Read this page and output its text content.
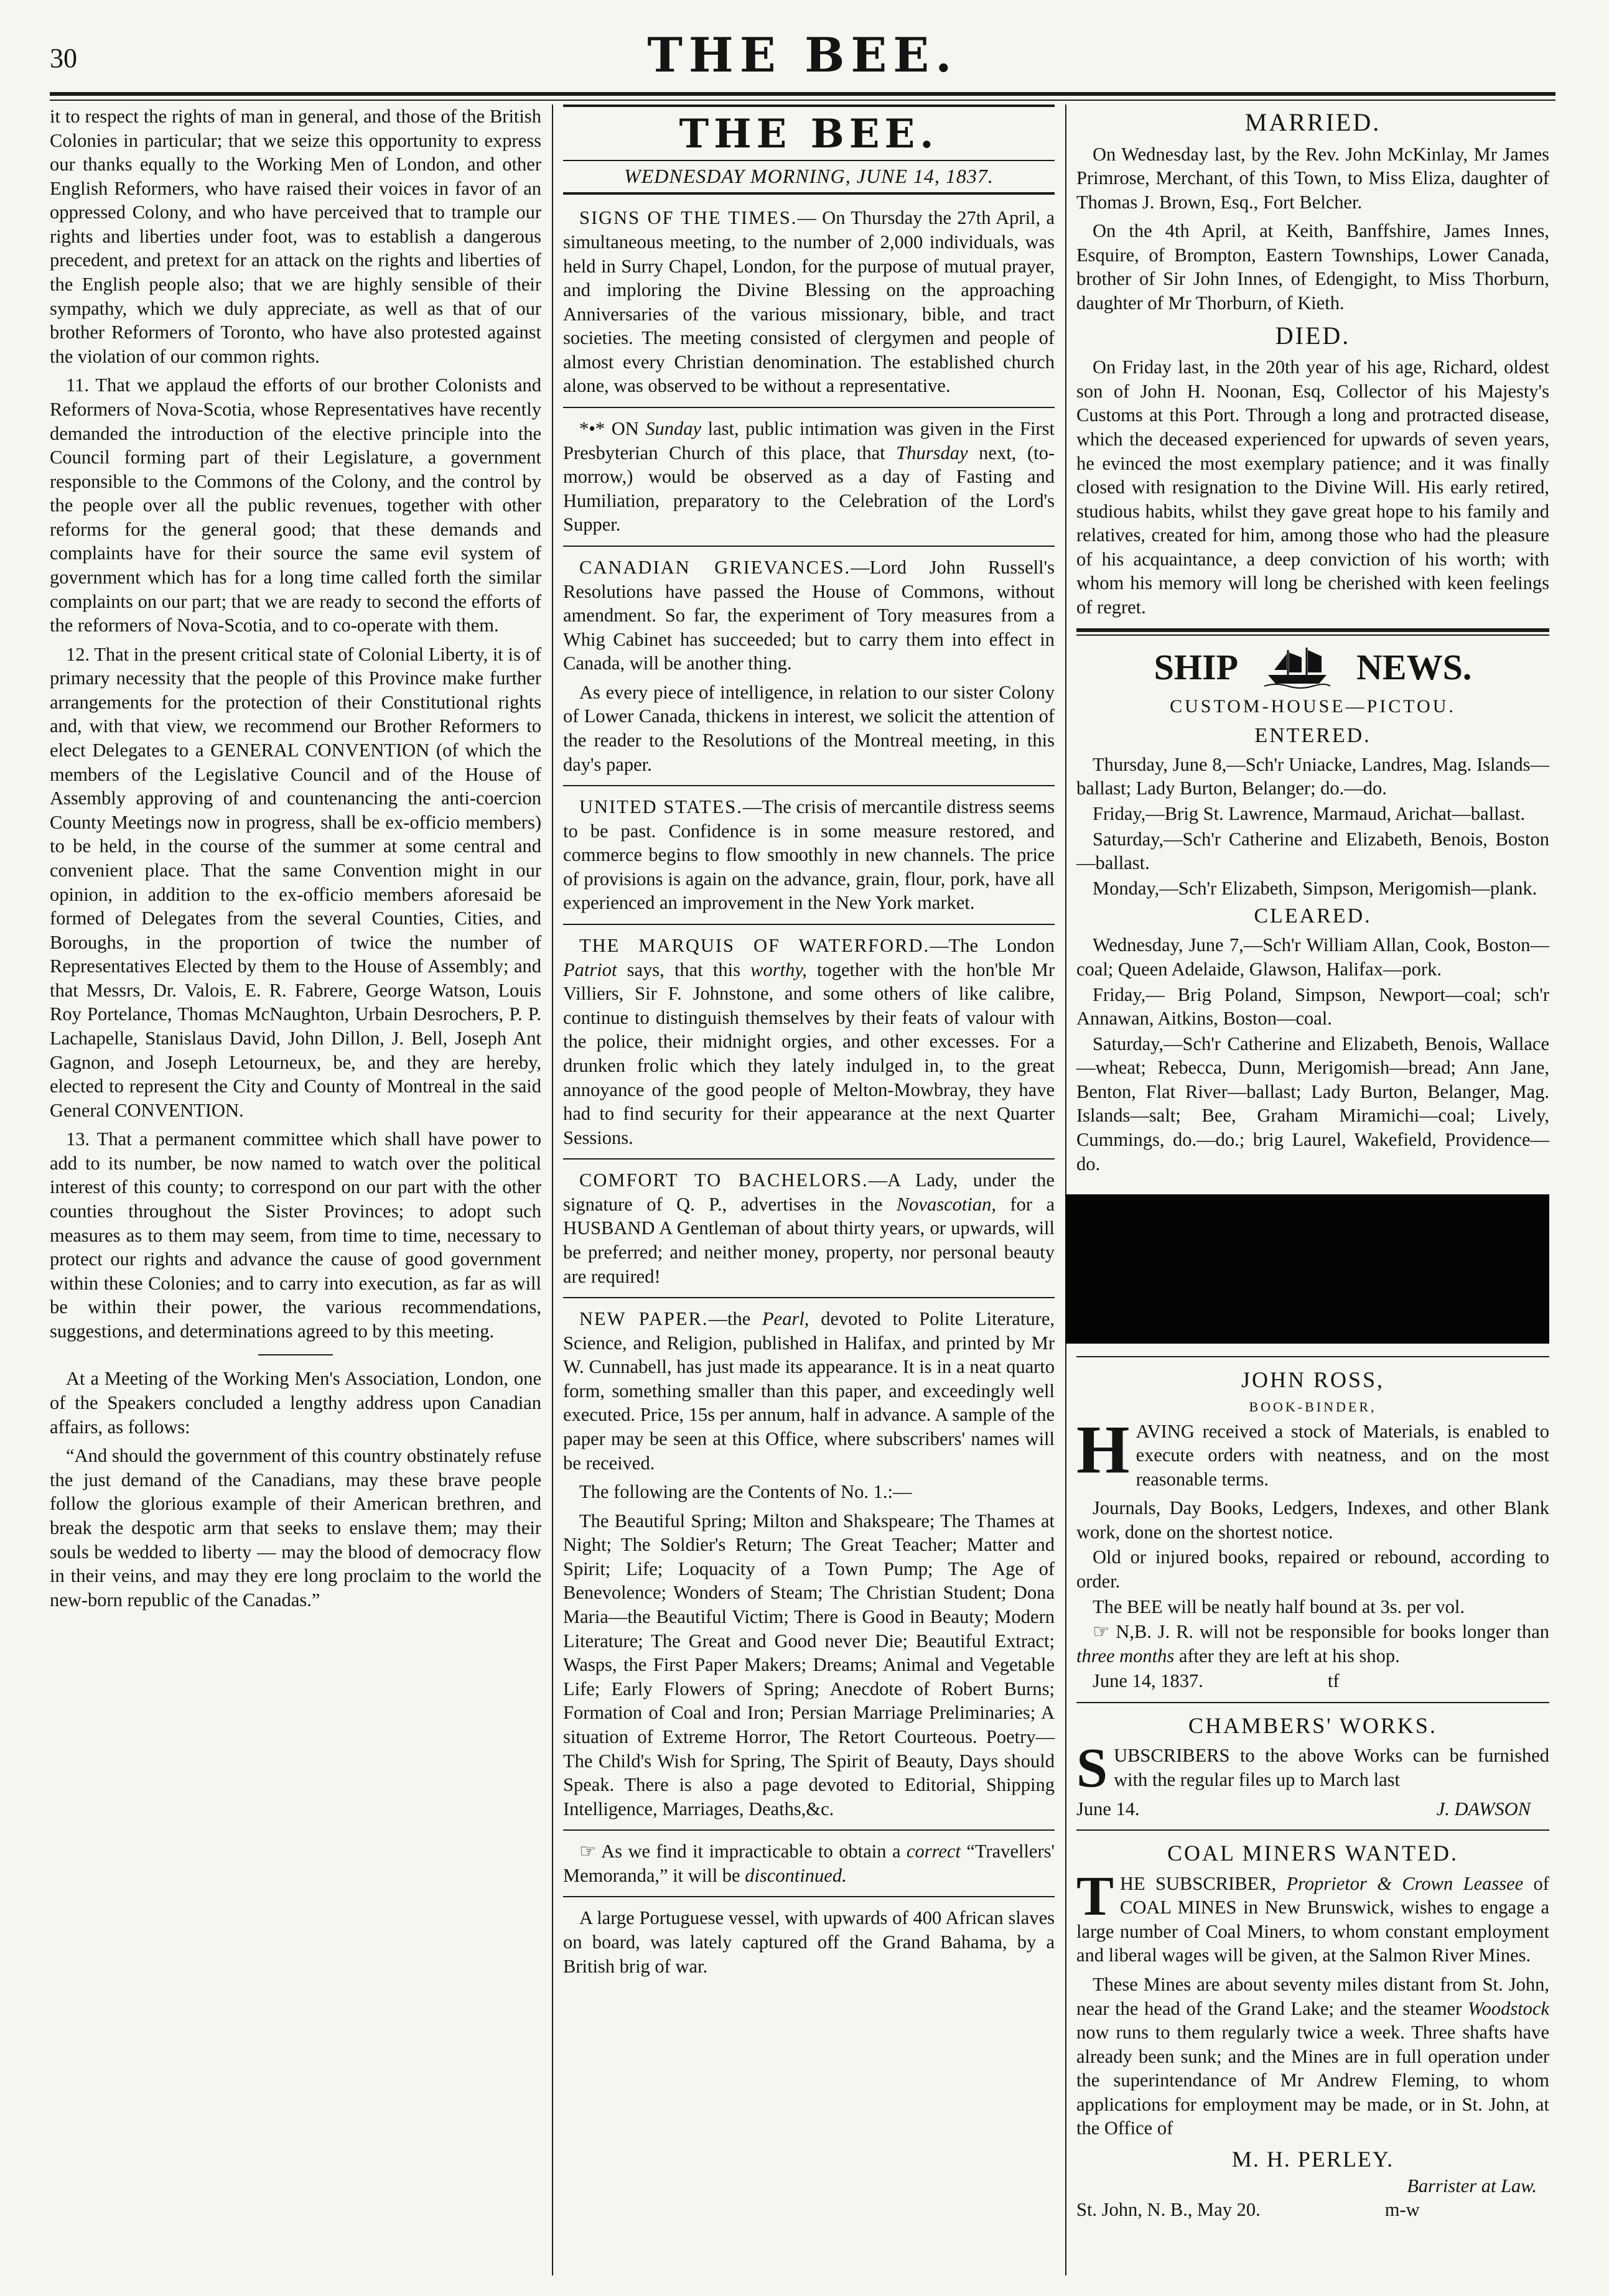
30	THE BEE.

it to respect the rights of man in general, and those of the British Colonies in particular; that we seize this opportunity to express our thanks equally to the Working Men of London, and other English Reformers, who have raised their voices in favor of an oppressed Colony, and who have perceived that to trample our rights and liberties under foot, was to establish a dangerous precedent, and pretext for an attack on the rights and liberties of the English people also; that we are highly sensible of their sympathy, which we duly appreciate, as well as that of our brother Reformers of Toronto, who have also protested against the violation of our common rights.

11. That we applaud the efforts of our brother Colonists and Reformers of Nova-Scotia, whose Representatives have recently demanded the introduction of the elective principle into the Council forming part of their Legislature, a government responsible to the Commons of the Colony, and the control by the people over all the public revenues, together with other reforms for the general good; that these demands and complaints have for their source the same evil system of government which has for a long time called forth the similar complaints on our part; that we are ready to second the efforts of the reformers of Nova-Scotia, and to co-operate with them.

12. That in the present critical state of Colonial Liberty, it is of primary necessity that the people of this Province make further arrangements for the protection of their Constitutional rights and, with that view, we recommend our Brother Reformers to elect Delegates to a GENERAL CONVENTION (of which the members of the Legislative Council and of the House of Assembly approving of and countenancing the anti-coercion County Meetings now in progress, shall be ex-officio members) to be held, in the course of the summer at some central and convenient place. That the same Convention might in our opinion, in addition to the ex-officio members aforesaid be formed of Delegates from the several Counties, Cities, and Boroughs, in the proportion of twice the number of Representatives Elected by them to the House of Assembly; and that Messrs, Dr. Valois, E. R. Fabrere, George Watson, Louis Roy Portelance, Thomas McNaughton, Urbain Desrochers, P. P. Lachapelle, Stanislaus David, John Dillon, J. Bell, Joseph Ant Gagnon, and Joseph Letourneux, be, and they are hereby, elected to represent the City and County of Montreal in the said General CONVENTION.

13. That a permanent committee which shall have power to add to its number, be now named to watch over the political interest of this county; to correspond on our part with the other counties throughout the Sister Provinces; to adopt such measures as to them may seem, from time to time, necessary to protect our rights and advance the cause of good government within these Colonies; and to carry into execution, as far as will be within their power, the various recommendations, suggestions, and determinations agreed to by this meeting.

At a Meeting of the Working Men's Association, London, one of the Speakers concluded a lengthy address upon Canadian affairs, as follows:

“And should the government of this country obstinately refuse the just demand of the Canadians, may these brave people follow the glorious example of their American brethren, and break the despotic arm that seeks to enslave them; may their souls be wedded to liberty — may the blood of democracy flow in their veins, and may they ere long proclaim to the world the new-born republic of the Canadas.”

THE BEE.
WEDNESDAY MORNING, JUNE 14, 1837.

SIGNS OF THE TIMES.— On Thursday the 27th April, a simultaneous meeting, to the number of 2,000 individuals, was held in Surry Chapel, London, for the purpose of mutual prayer, and imploring the Divine Blessing on the approaching Anniversaries of the various missionary, bible, and tract societies. The meeting consisted of clergymen and people of almost every Christian denomination. The established church alone, was observed to be without a representative.

*•* ON Sunday last, public intimation was given in the First Presbyterian Church of this place, that Thursday next, (to-morrow,) would be observed as a day of Fasting and Humiliation, preparatory to the Celebration of the Lord's Supper.

CANADIAN GRIEVANCES.—Lord John Russell's Resolutions have passed the House of Commons, without amendment. So far, the experiment of Tory measures from a Whig Cabinet has succeeded; but to carry them into effect in Canada, will be another thing.

As every piece of intelligence, in relation to our sister Colony of Lower Canada, thickens in interest, we solicit the attention of the reader to the Resolutions of the Montreal meeting, in this day's paper.

UNITED STATES.—The crisis of mercantile distress seems to be past. Confidence is in some measure restored, and commerce begins to flow smoothly in new channels. The price of provisions is again on the advance, grain, flour, pork, have all experienced an improvement in the New York market.

THE MARQUIS OF WATERFORD.—The London Patriot says, that this worthy, together with the hon'ble Mr Villiers, Sir F. Johnstone, and some others of like calibre, continue to distinguish themselves by their feats of valour with the police, their midnight orgies, and other excesses. For a drunken frolic which they lately indulged in, to the great annoyance of the good people of Melton-Mowbray, they have had to find security for their appearance at the next Quarter Sessions.

COMFORT TO BACHELORS.—A Lady, under the signature of Q. P., advertises in the Novascotian, for a HUSBAND A Gentleman of about thirty years, or upwards, will be preferred; and neither money, property, nor personal beauty are required!

NEW PAPER.—the Pearl, devoted to Polite Literature, Science, and Religion, published in Halifax, and printed by Mr W. Cunnabell, has just made its appearance. It is in a neat quarto form, something smaller than this paper, and exceedingly well executed. Price, 15s per annum, half in advance. A sample of the paper may be seen at this Office, where subscribers' names will be received.

The following are the Contents of No. 1.:—

The Beautiful Spring; Milton and Shakspeare; The Thames at Night; The Soldier's Return; The Great Teacher; Matter and Spirit; Life; Loquacity of a Town Pump; The Age of Benevolence; Wonders of Steam; The Christian Student; Dona Maria—the Beautiful Victim; There is Good in Beauty; Modern Literature; The Great and Good never Die; Beautiful Extract; Wasps, the First Paper Makers; Dreams; Animal and Vegetable Life; Early Flowers of Spring; Anecdote of Robert Burns; Formation of Coal and Iron; Persian Marriage Preliminaries; A situation of Extreme Horror, The Retort Courteous. Poetry—The Child's Wish for Spring, The Spirit of Beauty, Days should Speak. There is also a page devoted to Editorial, Shipping Intelligence, Marriages, Deaths,&c.

☞ As we find it impracticable to obtain a correct “Travellers' Memoranda,” it will be discontinued.

A large Portuguese vessel, with upwards of 400 African slaves on board, was lately captured off the Grand Bahama, by a British brig of war.

MARRIED.

On Wednesday last, by the Rev. John McKinlay, Mr James Primrose, Merchant, of this Town, to Miss Eliza, daughter of Thomas J. Brown, Esq., Fort Belcher.

On the 4th April, at Keith, Banffshire, James Innes, Esquire, of Brompton, Eastern Townships, Lower Canada, brother of Sir John Innes, of Edengight, to Miss Thorburn, daughter of Mr Thorburn, of Kieth.

DIED.

On Friday last, in the 20th year of his age, Richard, oldest son of John H. Noonan, Esq, Collector of his Majesty's Customs at this Port. Through a long and protracted disease, which the deceased experienced for upwards of seven years, he evinced the most exemplary patience; and it was finally closed with resignation to the Divine Will. His early retired, studious habits, whilst they gave great hope to his family and relatives, created for him, among those who had the pleasure of his acquaintance, a deep conviction of his worth; with whom his memory will long be cherished with keen feelings of regret.

SHIP	NEWS.
CUSTOM-HOUSE—PICTOU.
ENTERED.

Thursday, June 8,—Sch'r Uniacke, Landres, Mag. Islands—ballast; Lady Burton, Belanger; do.—do.

Friday,—Brig St. Lawrence, Marmaud, Arichat—ballast.

Saturday,—Sch'r Catherine and Elizabeth, Benois, Boston—ballast.

Monday,—Sch'r Elizabeth, Simpson, Merigomish—plank.

CLEARED.

Wednesday, June 7,—Sch'r William Allan, Cook, Boston—coal; Queen Adelaide, Glawson, Halifax—pork.

Friday,— Brig Poland, Simpson, Newport—coal; sch'r Annawan, Aitkins, Boston—coal.

Saturday,—Sch'r Catherine and Elizabeth, Benois, Wallace—wheat; Rebecca, Dunn, Merigomish—bread; Ann Jane, Benton, Flat River—ballast; Lady Burton, Belanger, Mag. Islands—salt; Bee, Graham Miramichi—coal; Lively, Cummings, do.—do.; brig Laurel, Wakefield, Providence—do.

JOHN ROSS,
BOOK-BINDER,

HAVING received a stock of Materials, is enabled to execute orders with neatness, and on the most reasonable terms.

Journals, Day Books, Ledgers, Indexes, and other Blank work, done on the shortest notice.

Old or injured books, repaired or rebound, according to order.

The BEE will be neatly half bound at 3s. per vol.

☞ N,B. J. R. will not be responsible for books longer than three months after they are left at his shop.

June 14, 1837.	tf

CHAMBERS' WORKS.

SUBSCRIBERS to the above Works can be furnished with the regular files up to March last

June 14.	J. DAWSON

COAL MINERS WANTED.

THE SUBSCRIBER, Proprietor & Crown Leassee of COAL MINES in New Brunswick, wishes to engage a large number of Coal Miners, to whom constant employment and liberal wages will be given, at the Salmon River Mines.

These Mines are about seventy miles distant from St. John, near the head of the Grand Lake; and the steamer Woodstock now runs to them regularly twice a week. Three shafts have already been sunk; and the Mines are in full operation under the superintendance of Mr Andrew Fleming, to whom applications for employment may be made, or in St. John, at the Office of

M. H. PERLEY.
Barrister at Law.

St. John, N. B., May 20.	m-w
